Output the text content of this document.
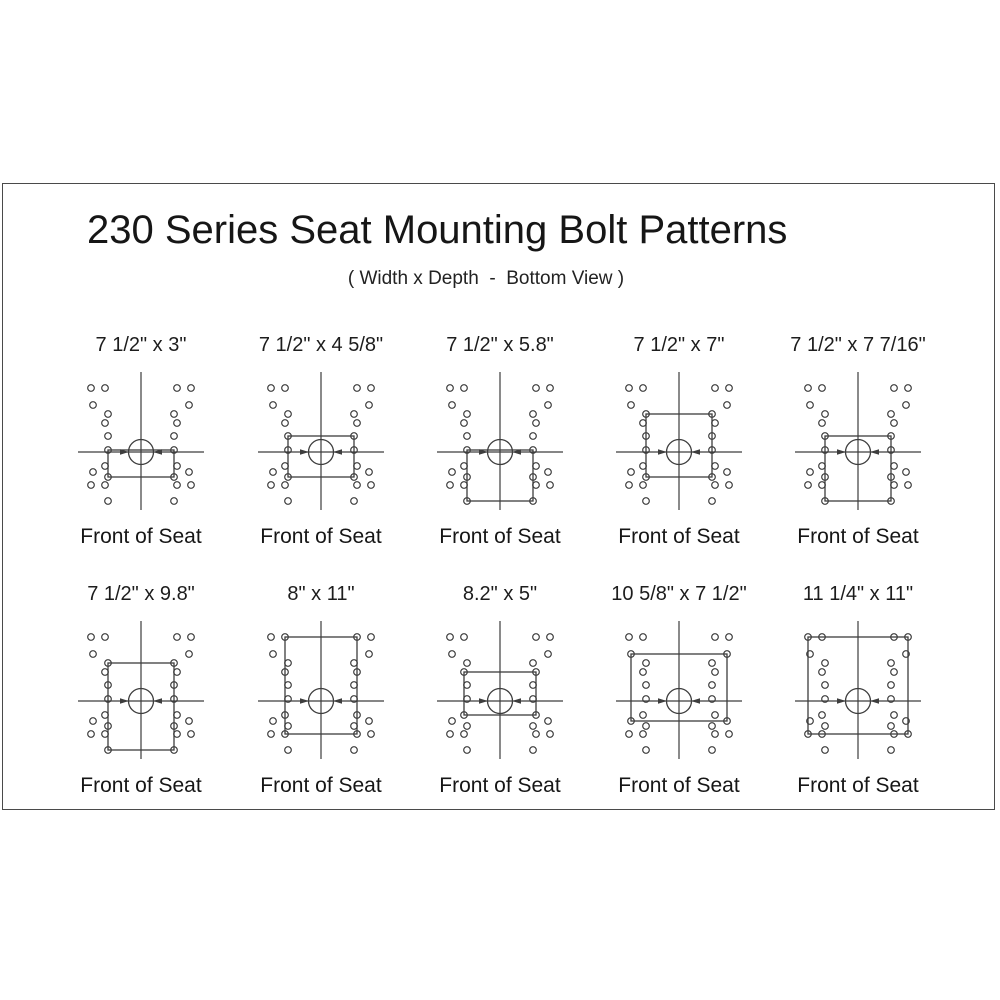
230 Series Seat Mounting Bolt Patterns
( Width x Depth  -  Bottom View )
7 1/2" x 3"
Front of Seat
7 1/2" x 4 5/8"
Front of Seat
7 1/2" x 5.8"
Front of Seat
7 1/2" x 7"
Front of Seat
7 1/2" x 7 7/16"
Front of Seat
7 1/2" x 9.8"
Front of Seat
8" x 11"
Front of Seat
8.2" x 5"
Front of Seat
10 5/8" x 7 1/2"
Front of Seat
11 1/4" x 11"
Front of Seat
